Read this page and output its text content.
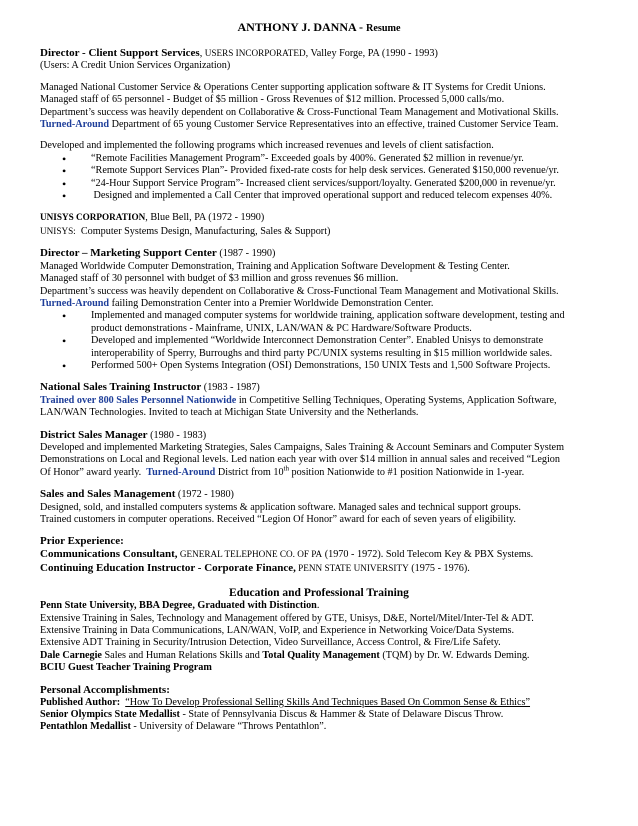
ANTHONY J. DANNA - Resume
Director - Client Support Services, USERS INCORPORATED, Valley Forge, PA (1990 - 1993)
(Users: A Credit Union Services Organization)
Managed National Customer Service & Operations Center supporting application software & IT Systems for Credit Unions.
Managed staff of 65 personnel - Budget of $5 million - Gross Revenues of $12 million. Processed 5,000 calls/mo.
Department’s success was heavily dependent on Collaborative & Cross-Functional Team Management and Motivational Skills.
Turned-Around Department of 65 young Customer Service Representatives into an effective, trained Customer Service Team.
Developed and implemented the following programs which increased revenues and levels of client satisfaction.
• “Remote Facilities Management Program”- Exceeded goals by 400%. Generated $2 million in revenue/yr.
• “Remote Support Services Plan”- Provided fixed-rate costs for help desk services. Generated $150,000 revenue/yr.
• “24-Hour Support Service Program”- Increased client services/support/loyalty. Generated $200,000 in revenue/yr.
•  Designed and implemented a Call Center that improved operational support and reduced telecom expenses 40%.
UNISYS CORPORATION, Blue Bell, PA (1972 - 1990)
UNISYS:  Computer Systems Design, Manufacturing, Sales & Support)
Director – Marketing Support Center (1987 - 1990)
Managed Worldwide Computer Demonstration, Training and Application Software Development & Testing Center.
Managed staff of 30 personnel with budget of $3 million and gross revenues $6 million.
Department’s success was heavily dependent on Collaborative & Cross-Functional Team Management and Motivational Skills.
Turned-Around failing Demonstration Center into a Premier Worldwide Demonstration Center.
• Implemented and managed computer systems for worldwide training, application software development, testing and product demonstrations - Mainframe, UNIX, LAN/WAN & PC Hardware/Software Products.
• Developed and implemented “Worldwide Interconnect Demonstration Center”. Enabled Unisys to demonstrate interoperability of Sperry, Burroughs and third party PC/UNIX systems resulting in $15 million worldwide sales.
• Performed 500+ Open Systems Integration (OSI) Demonstrations, 150 UNIX Tests and 1,500 Software Projects.
National Sales Training Instructor (1983 - 1987)
Trained over 800 Sales Personnel Nationwide in Competitive Selling Techniques, Operating Systems, Application Software,
LAN/WAN Technologies. Invited to teach at Michigan State University and the Netherlands.
District Sales Manager (1980 - 1983)
Developed and implemented Marketing Strategies, Sales Campaigns, Sales Training & Account Seminars and Computer System
Demonstrations on Local and Regional levels. Led nation each year with over $14 million in annual sales and received “Legion
Of Honor” award yearly.  Turned-Around District from 10th position Nationwide to #1 position Nationwide in 1-year.
Sales and Sales Management (1972 - 1980)
Designed, sold, and installed computers systems & application software. Managed sales and technical support groups.
Trained customers in computer operations. Received “Legion Of Honor” award for each of seven years of eligibility.
Prior Experience:
Communications Consultant, GENERAL TELEPHONE CO. OF PA (1970 - 1972). Sold Telecom Key & PBX Systems.
Continuing Education Instructor - Corporate Finance, PENN STATE UNIVERSITY (1975 - 1976).
Education and Professional Training
Penn State University, BBA Degree, Graduated with Distinction.
Extensive Training in Sales, Technology and Management offered by GTE, Unisys, D&E, Nortel/Mitel/Inter-Tel & ADT.
Extensive Training in Data Communications, LAN/WAN, VoIP, and Experience in Networking Voice/Data Systems.
Extensive ADT Training in Security/Intrusion Detection, Video Surveillance, Access Control, & Fire/Life Safety.
Dale Carnegie Sales and Human Relations Skills and Total Quality Management (TQM) by Dr. W. Edwards Deming.
BCIU Guest Teacher Training Program
Personal Accomplishments:
Published Author: “How To Develop Professional Selling Skills And Techniques Based On Common Sense & Ethics”
Senior Olympics State Medallist - State of Pennsylvania Discus & Hammer & State of Delaware Discus Throw.
Pentathlon Medallist - University of Delaware “Throws Pentathlon”.
